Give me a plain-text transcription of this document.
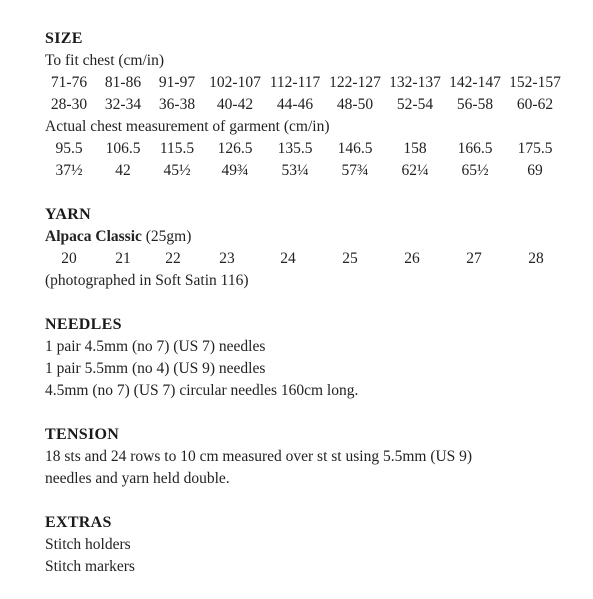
SIZE
To fit chest (cm/in)
71-76 81-86 91-97 102-107 112-117 122-127 132-137 142-147 152-157
28-30 32-34 36-38 40-42 44-46 48-50 52-54 56-58 60-62
Actual chest measurement of garment (cm/in)
95.5 106.5 115.5 126.5 135.5 146.5 158 166.5 175.5
37½ 42 45½ 49¾ 53¼ 57¾ 62¼ 65½ 69
YARN
Alpaca Classic (25gm)
20 21 22 23	24	25	26	27	28
(photographed in Soft Satin 116)
NEEDLES
1 pair 4.5mm (no 7) (US 7) needles
1 pair 5.5mm (no 4) (US 9) needles
4.5mm (no 7) (US 7) circular needles 160cm long.
TENSION
18 sts and 24 rows to 10 cm measured over st st using 5.5mm (US 9)
needles and yarn held double.
EXTRAS
Stitch holders
Stitch markers
